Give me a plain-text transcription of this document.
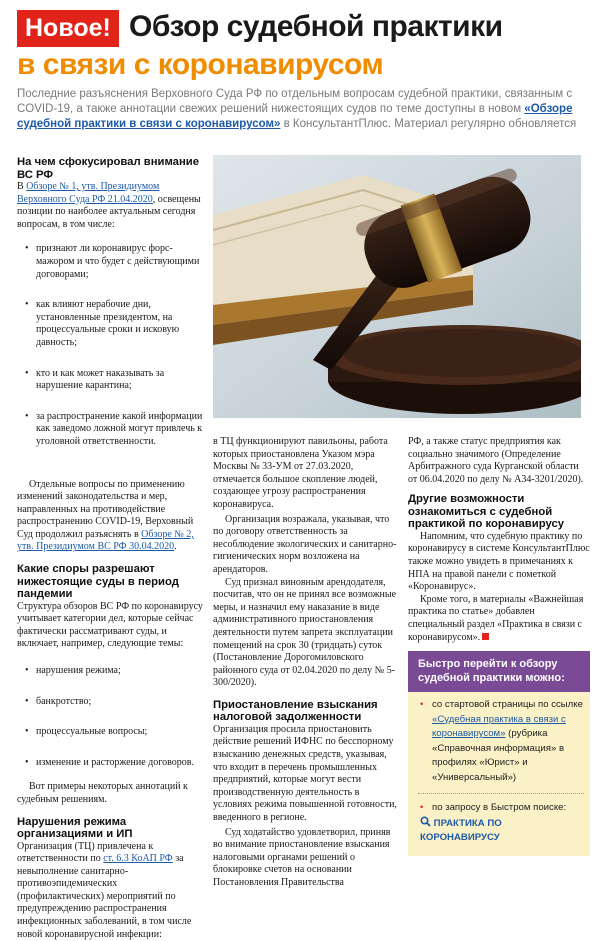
Новое! Обзор судебной практики
в связи с коронавирусом
Последние разъяснения Верховного Суда РФ по отдельным вопросам судебной практики, связанным с COVID-19, а также аннотации свежих решений нижестоящих судов по теме доступны в новом «Обзоре судебной практики в связи с коронавирусом» в КонсультантПлюс. Материал регулярно обновляется
На чем сфокусировал внимание ВС РФ

В Обзоре № 1, утв. Президиумом Верховного Суда РФ 21.04.2020, освещены позиции по наиболее актуальным сегодня вопросам, в том числе:

• признают ли коронавирус форс-мажором и что будет с действующими договорами;
• как влияют нерабочие дни, установленные президентом, на процессуальные сроки и исковую давность;
• кто и как может наказывать за нарушение карантина;
• за распространение какой информации как заведомо ложной могут привлечь к уголовной ответственности.

Отдельные вопросы по применению изменений законодательства и мер, направленных на противодействие распространению COVID-19, Верховный Суд продолжил разъяснять в Обзоре № 2, утв. Президиумом ВС РФ 30.04.2020.

Какие споры разрешают нижестоящие суды в период пандемии

Структура обзоров ВС РФ по коронавирусу учитывает категории дел, которые сейчас фактически рассматривают суды, и включает, например, следующие темы:

• нарушения режима;
• банкротство;
• процессуальные вопросы;
• изменение и расторжение договоров.

Вот примеры некоторых аннотаций к судебным решениям.

Нарушения режима организациями и ИП

Организация (ТЦ) привлечена к ответственности по ст. 6.3 КоАП РФ за невыполнение санитарно-противоэпидемических (профилактических) мероприятий по предупреждению распространения инфекционных заболеваний, в том числе новой коронавирусной инфекции:

в ТЦ функционируют павильоны, работа которых приостановлена Указом мэра Москвы № 33-УМ от 27.03.2020, отмечается большое скопление людей, создающее угрозу распространения коронавируса.

Организация возражала, указывая, что по договору ответственность за несоблюдение экологических и санитарно-гигиенических норм возложена на арендаторов.

Суд признал виновным арендодателя, посчитав, что он не принял все возможные меры, и назначил ему наказание в виде административного приостановления деятельности путем запрета эксплуатации помещений на срок 30 (тридцать) суток (Постановление Дорогомиловского районного суда от 02.04.2020 по делу № 5-300/2020).

Приостановление взыскания налоговой задолженности

Организация просила приостановить действие решений ИФНС по бесспорному взысканию денежных средств, указывая, что входит в перечень промышленных предприятий, которые могут вести производственную деятельность в условиях режима повышенной готовности, введенного в регионе.

Суд ходатайство удовлетворил, приняв во внимание приостановление взыскания налоговыми органами решений о блокировке счетов на основании Постановления Правительства

РФ, а также статус предприятия как социально значимого (Определение Арбитражного суда Курганской области от 06.04.2020 по делу № А34-3201/2020).

Другие возможности ознакомиться с судебной практикой по коронавирусу

Напомним, что судебную практику по коронавирусу в системе КонсультантПлюс также можно увидеть в примечаниях к НПА на правой панели с пометкой «Коронавирус».

Кроме того, в материалы «Важнейшая практика по статье» добавлен специальный раздел «Практика в связи с коронавирусом».

Быстро перейти к обзору судебной практики можно:
• со стартовой страницы по ссылке «Судебная практика в связи с коронавирусом» (рубрика «Справочная информация» в профилях «Юрист» и «Универсальный»)
• по запросу в Быстром поиске:
ПРАКТИКА ПО КОРОНАВИРУСУ
